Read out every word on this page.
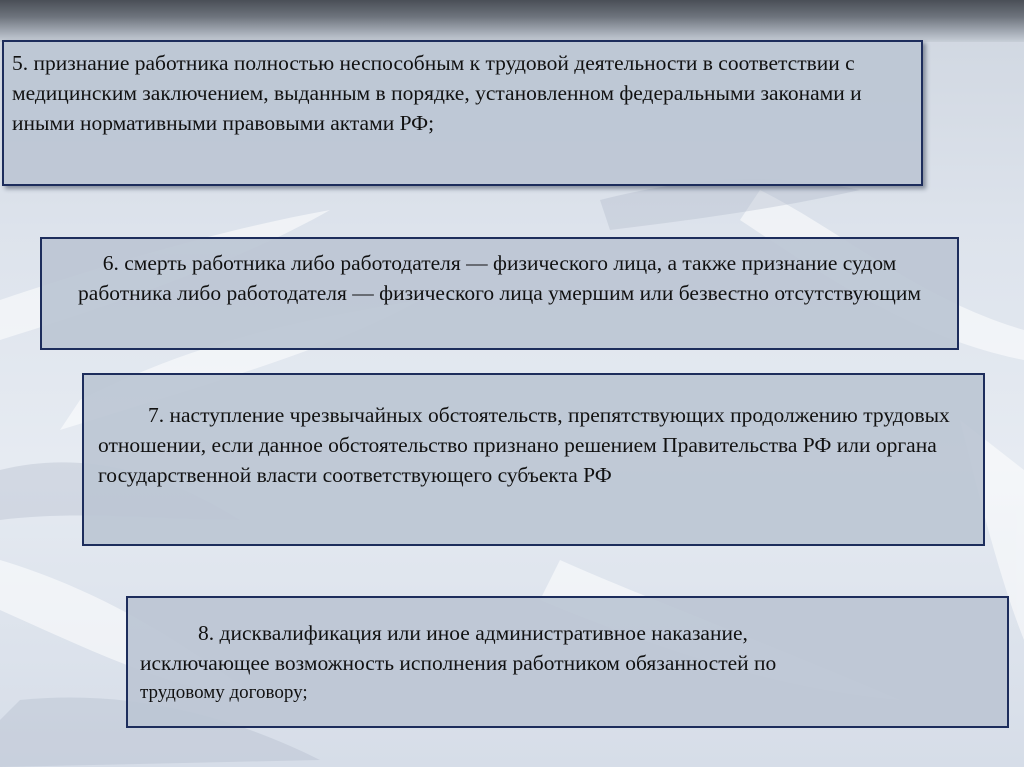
5. признание работника полностью неспособным к трудовой деятельности в соответствии с медицинским заключением, выданным в порядке, установленном федеральными законами и иными нормативными правовыми актами РФ;

6. смерть работника либо работодателя — физического лица, а также признание судом работника либо работодателя — физического лица умершим или безвестно отсутствующим

7. наступление чрезвычайных обстоятельств, препятствующих продолжению трудовых отношении, если данное обстоятельство признано решением Правительства РФ или органа государственной власти соответствующего субъекта РФ

8. дисквалификация или иное административное наказание,
исключающее возможность исполнения работником обязанностей по
трудовому договору;
